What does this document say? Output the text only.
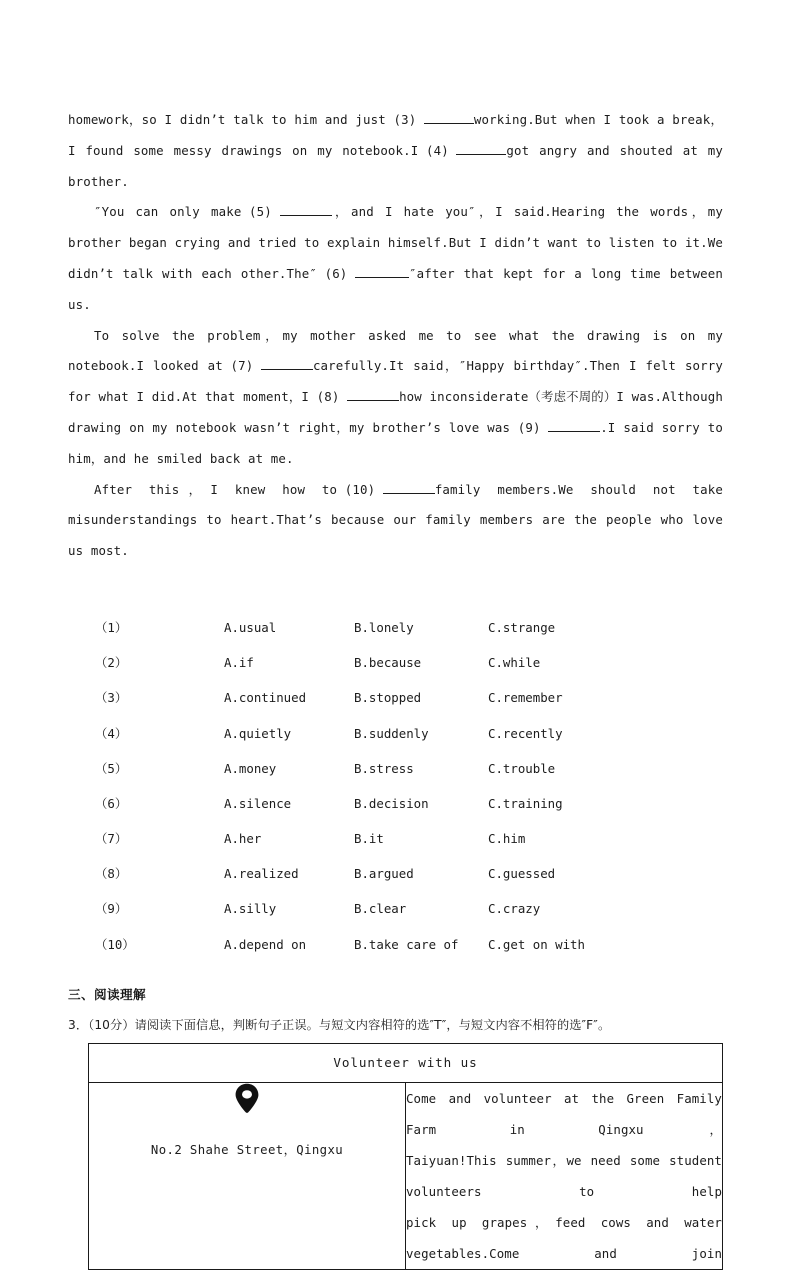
homework，so I didn’t talk to him and just (3) 	working.But when I took a break，I found some messy drawings on my notebook.I (4) 	got angry and shouted at my brother.

″You can only make (5) 	，and I hate you″，I said.Hearing the words，my brother began crying and tried to explain himself.But I didn’t want to listen to it.We didn’t talk with each other.The″ (6) 	″after that kept for a long time between us.

To solve the problem，my mother asked me to see what the drawing is on my notebook.I looked at (7) 	carefully.It said，″Happy birthday″.Then I felt sorry for what I did.At that moment，I (8) 	how inconsiderate（考虑不周的）I was.Although drawing on my notebook wasn’t right，my brother’s love was (9) 	.I said sorry to him，and he smiled back at me.

After this，I knew how to (10) 	family members.We should not take misunderstandings to heart.That’s because our family members are the people who love us most.

（1）	A.usual	B.lonely	C.strange
（2）	A.if	B.because	C.while
（3）	A.continued	B.stopped	C.remember
（4）	A.quietly	B.suddenly	C.recently
（5）	A.money	B.stress	C.trouble
（6）	A.silence	B.decision	C.training
（7）	A.her	B.it	C.him
（8）	A.realized	B.argued	C.guessed
（9）	A.silly	B.clear	C.crazy
（10）	A.depend on	B.take care of C.get on with
三、阅读理解
3．（10分）请阅读下面信息，判断句子正误。与短文内容相符的选″T″，与短文内容不相符的选″F″。
Volunteer with us

No.2 Shahe Street，Qingxu

Come and volunteer at the Green Family Farm in Qingxu，
Taiyuan!This summer，we need some student volunteers to help
pick up grapes，feed cows and water vegetables.Come and join
